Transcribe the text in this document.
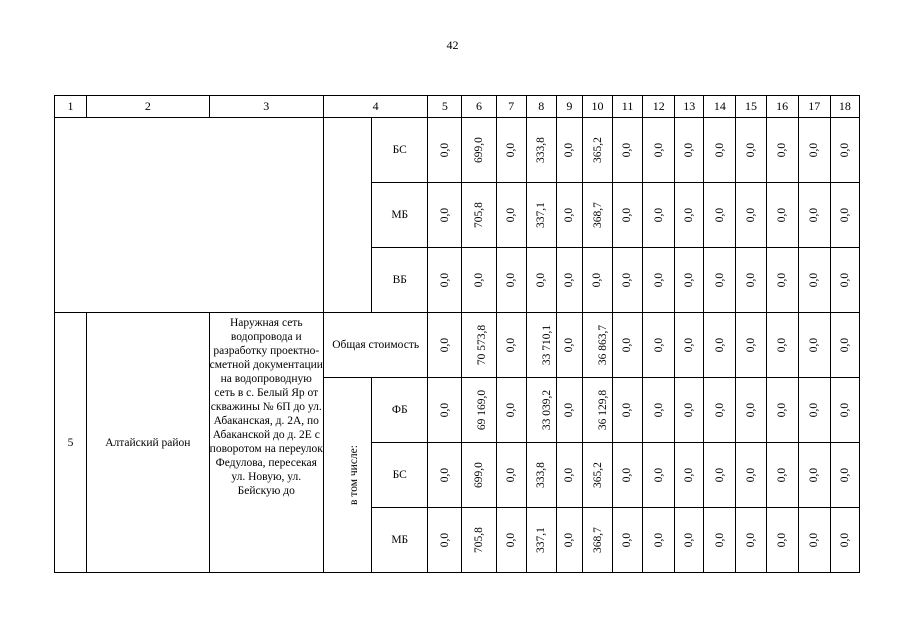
42
1	2	3	4		5	6	7	8	9	10	11	12	13	14	15	16	17	18
				БС	0,0	699,0	0,0	333,8	0,0	365,2	0,0	0,0	0,0	0,0	0,0	0,0	0,0	0,0
				МБ	0,0	705,8	0,0	337,1	0,0	368,7	0,0	0,0	0,0	0,0	0,0	0,0	0,0	0,0
				ВБ	0,0	0,0	0,0	0,0	0,0	0,0	0,0	0,0	0,0	0,0	0,0	0,0	0,0	0,0
5	Алтайский район	Наружная сеть водопровода и разработку проектно-сметной документации на водопроводную сеть в с. Белый Яр от скважины № 6П до ул. Абаканская, д. 2А, по Абаканской до д. 2Е с поворотом на переулок Федулова, пересекая ул. Новую, ул. Бейскую до	Общая стоимость		0,0	70 573,8	0,0	33 710,1	0,0	36 863,7	0,0	0,0	0,0	0,0	0,0	0,0	0,0	0,0
			в том числе:	ФБ	0,0	69 169,0	0,0	33 039,2	0,0	36 129,8	0,0	0,0	0,0	0,0	0,0	0,0	0,0	0,0
				БС	0,0	699,0	0,0	333,8	0,0	365,2	0,0	0,0	0,0	0,0	0,0	0,0	0,0	0,0
				МБ	0,0	705,8	0,0	337,1	0,0	368,7	0,0	0,0	0,0	0,0	0,0	0,0	0,0	0,0
